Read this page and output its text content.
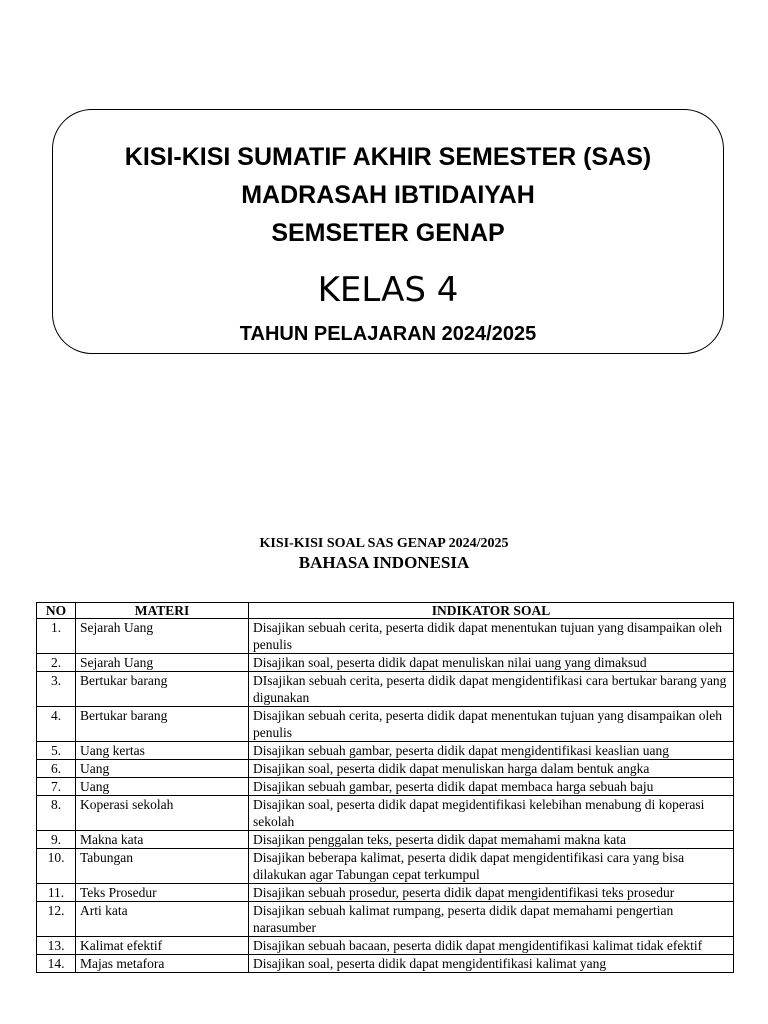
KISI-KISI SUMATIF AKHIR SEMESTER (SAS)
MADRASAH IBTIDAIYAH
SEMSETER GENAP
KELAS 4
TAHUN PELAJARAN 2024/2025
KISI-KISI SOAL SAS GENAP 2024/2025
BAHASA INDONESIA
NO	MATERI	INDIKATOR SOAL
1.	Sejarah Uang	Disajikan sebuah cerita, peserta didik dapat menentukan tujuan yang disampaikan oleh penulis
2.	Sejarah Uang	Disajikan soal, peserta didik dapat menuliskan nilai uang yang dimaksud
3.	Bertukar barang	DIsajikan sebuah cerita, peserta didik dapat mengidentifikasi cara bertukar barang yang digunakan
4.	Bertukar barang	Disajikan sebuah cerita, peserta didik dapat menentukan tujuan yang disampaikan oleh penulis
5.	Uang kertas	Disajikan sebuah gambar, peserta didik dapat mengidentifikasi keaslian uang
6.	Uang	Disajikan soal, peserta didik dapat menuliskan harga dalam bentuk angka
7.	Uang	Disajikan sebuah gambar, peserta didik dapat membaca harga sebuah baju
8.	Koperasi sekolah	Disajikan soal, peserta didik dapat megidentifikasi kelebihan menabung di koperasi sekolah
9.	Makna kata	Disajikan penggalan teks, peserta didik dapat memahami makna kata
10.	Tabungan	Disajikan beberapa kalimat, peserta didik dapat mengidentifikasi cara yang bisa dilakukan agar Tabungan cepat terkumpul
11.	Teks Prosedur	Disajikan sebuah prosedur, peserta didik dapat mengidentifikasi teks prosedur
12.	Arti kata	Disajikan sebuah kalimat rumpang, peserta didik dapat memahami pengertian narasumber
13.	Kalimat efektif	Disajikan sebuah bacaan, peserta didik dapat mengidentifikasi kalimat tidak efektif
14.	Majas metafora	Disajikan soal, peserta didik dapat mengidentifikasi kalimat yang
